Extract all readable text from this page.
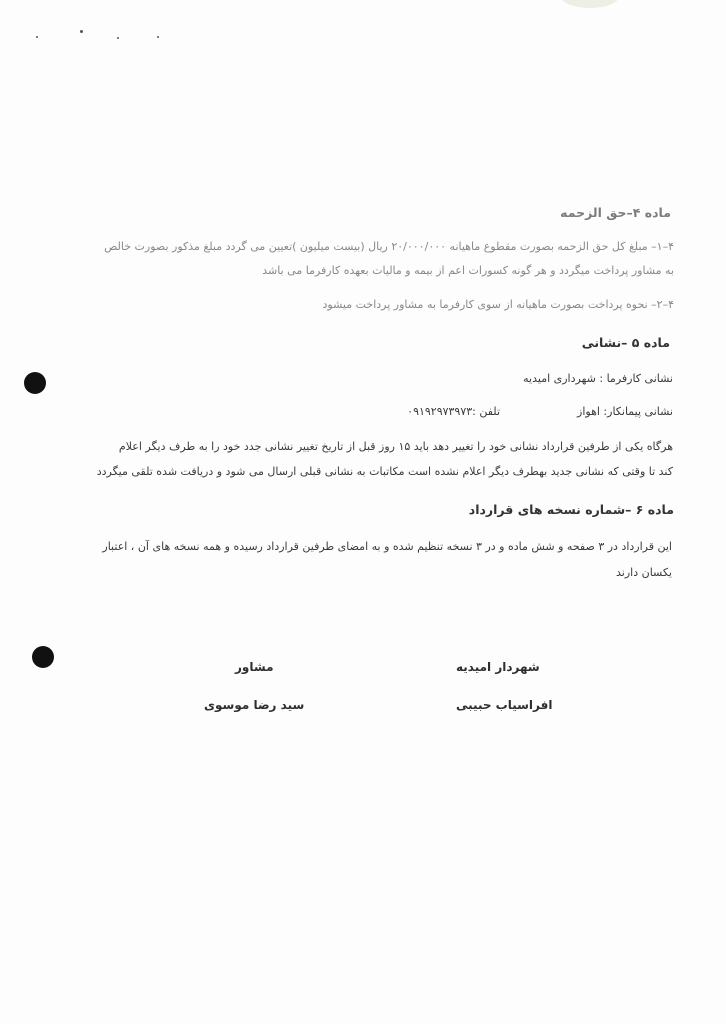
ماده ۴–حق الزحمه
۴–۱– مبلغ کل حق الزحمه بصورت مقطوع ماهیانه ۲۰/۰۰۰/۰۰۰ ریال (بیست میلیون )تعیین می گردد مبلغ مذکور بصورت خالص
به مشاور پرداخت میگردد و هر گونه کسورات اعم از بیمه و مالیات بعهده کارفرما می باشد
۴–۲– نحوه پرداخت بصورت ماهیانه از سوی کارفرما به مشاور پرداخت میشود
ماده ۵ –نشانی
نشانی کارفرما : شهرداری امیدیه
نشانی پیمانکار: اهواز
تلفن :۰۹۱۹۲۹۷۳۹۷۳
هرگاه یکی از طرفین قرارداد نشانی خود را تغییر دهد باید ۱۵ روز قبل از تاریخ تغییر نشانی جدد خود را به طرف دیگر اعلام
کند تا وقتی که نشانی جدید بهطرف دیگر اعلام نشده است مکاتبات به نشانی قبلی ارسال می شود و دریافت شده تلقی میگردد
ماده ۶ –شماره نسخه های قرارداد
این قرارداد در ۳ صفحه و شش ماده و در ۳ نسخه تنظیم شده و به امضای طرفین قرارداد رسیده و همه نسخه های آن ، اعتبار
یکسان دارند
شهردار امیدیه
افراسیاب حبیبی
مشاور
سید رضا موسوی
